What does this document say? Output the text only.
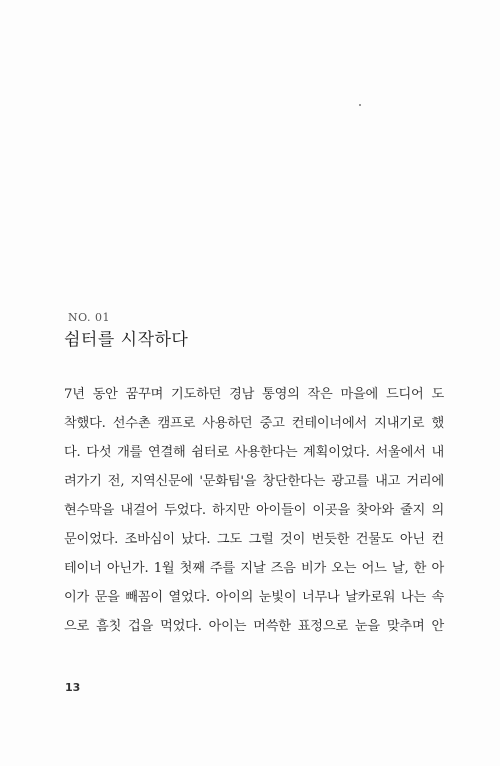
NO. 01
쉼터를 시작하다
7년 동안 꿈꾸며 기도하던 경남 통영의 작은 마을에 드디어 도
착했다. 선수촌 캠프로 사용하던 중고 컨테이너에서 지내기로 했
다. 다섯 개를 연결해 쉼터로 사용한다는 계획이었다. 서울에서 내
려가기 전, 지역신문에 '문화팀'을 창단한다는 광고를 내고 거리에
현수막을 내걸어 두었다. 하지만 아이들이 이곳을 찾아와 줄지 의
문이었다. 조바심이 났다. 그도 그럴 것이 번듯한 건물도 아닌 컨
테이너 아닌가. 1월 첫째 주를 지날 즈음 비가 오는 어느 날, 한 아
이가 문을 빼꼼이 열었다. 아이의 눈빛이 너무나 날카로워 나는 속
으로 흠칫 겁을 먹었다. 아이는 머쓱한 표정으로 눈을 맞추며 안
13
